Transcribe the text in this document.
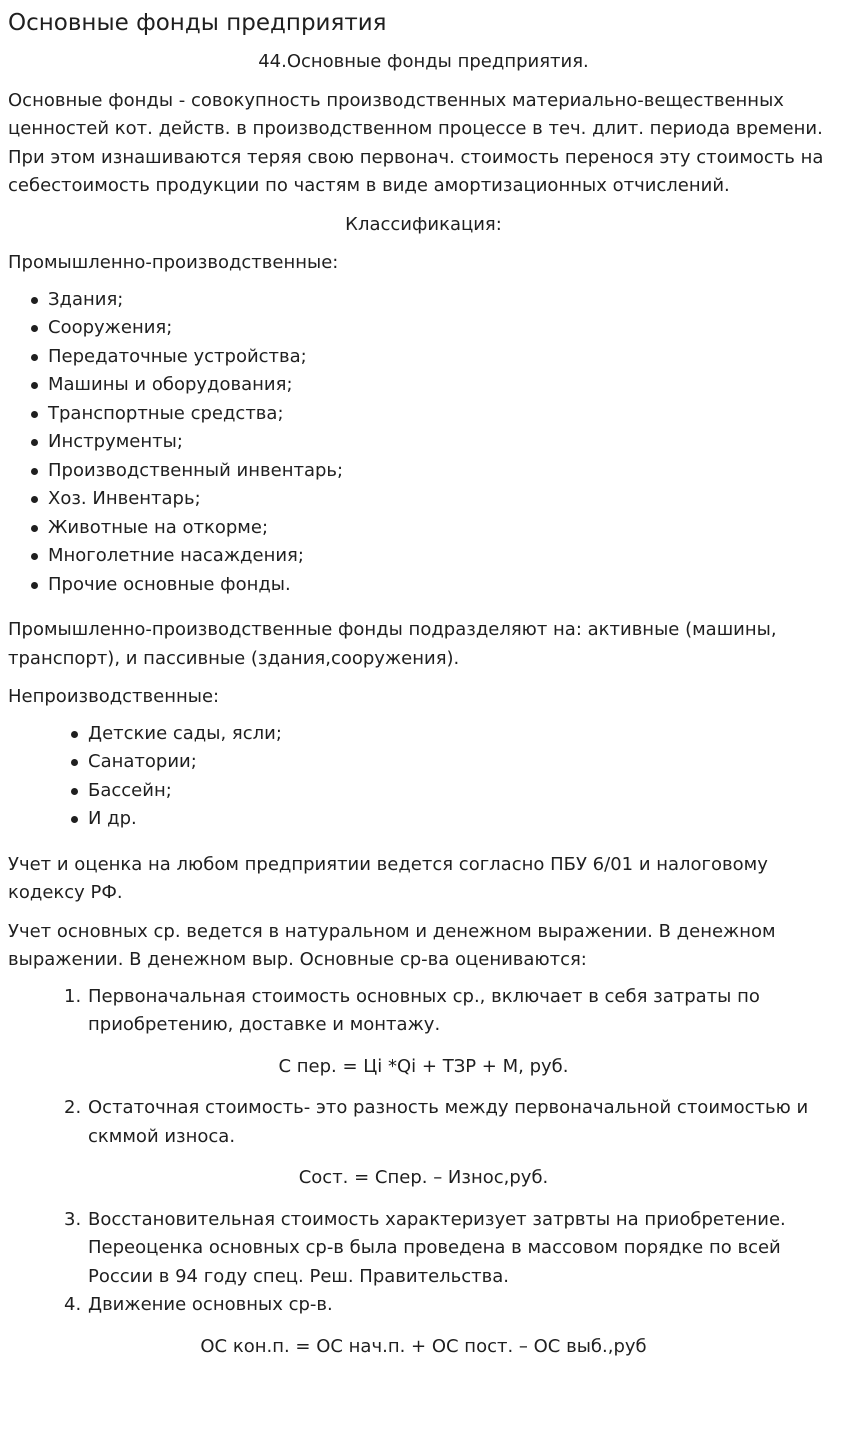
Основные фонды предприятия
44.Основные фонды предприятия.

Основные фонды - совокупность производственных материально-вещественных ценностей кот. действ. в производственном процессе в теч. длит. периода времени. При этом изнашиваются теряя свою первонач. стоимость перенося эту стоимость на себестоимость продукции по частям в виде амортизационных отчислений.

Классификация:

Промышленно-производственные:

Здания;
Сооружения;
Передаточные устройства;
Машины и оборудования;
Транспортные средства;
Инструменты;
Производственный инвентарь;
Хоз. Инвентарь;
Животные на откорме;
Многолетние насаждения;
Прочие основные фонды.

Промышленно-производственные фонды подразделяют на: активные (машины, транспорт), и пассивные (здания,сооружения).

Непроизводственные:

Детские сады, ясли;
Санатории;
Бассейн;
И др.

Учет и оценка на любом предприятии ведется согласно ПБУ 6/01 и налоговому кодексу РФ.

Учет основных ср. ведется в натуральном и денежном выражении. В денежном выражении. В денежном выр. Основные ср-ва оцениваются:

1. Первоначальная стоимость основных ср., включает в себя затраты по приобретению, доставке и монтажу.
С пер. = Цi *Qi + ТЗР + М, руб.
2. Остаточная стоимость- это разность между первоначальной стоимостью и скммой износа.
Сост. = Спер. – Износ,руб.
3. Восстановительная стоимость характеризует затрвты на приобретение. Переоценка основных ср-в была проведена в массовом порядке по всей России в 94 году спец. Реш. Правительства.
4. Движение основных ср-в.
ОС кон.п. = ОС нач.п. + ОС пост. – ОС выб.,руб
